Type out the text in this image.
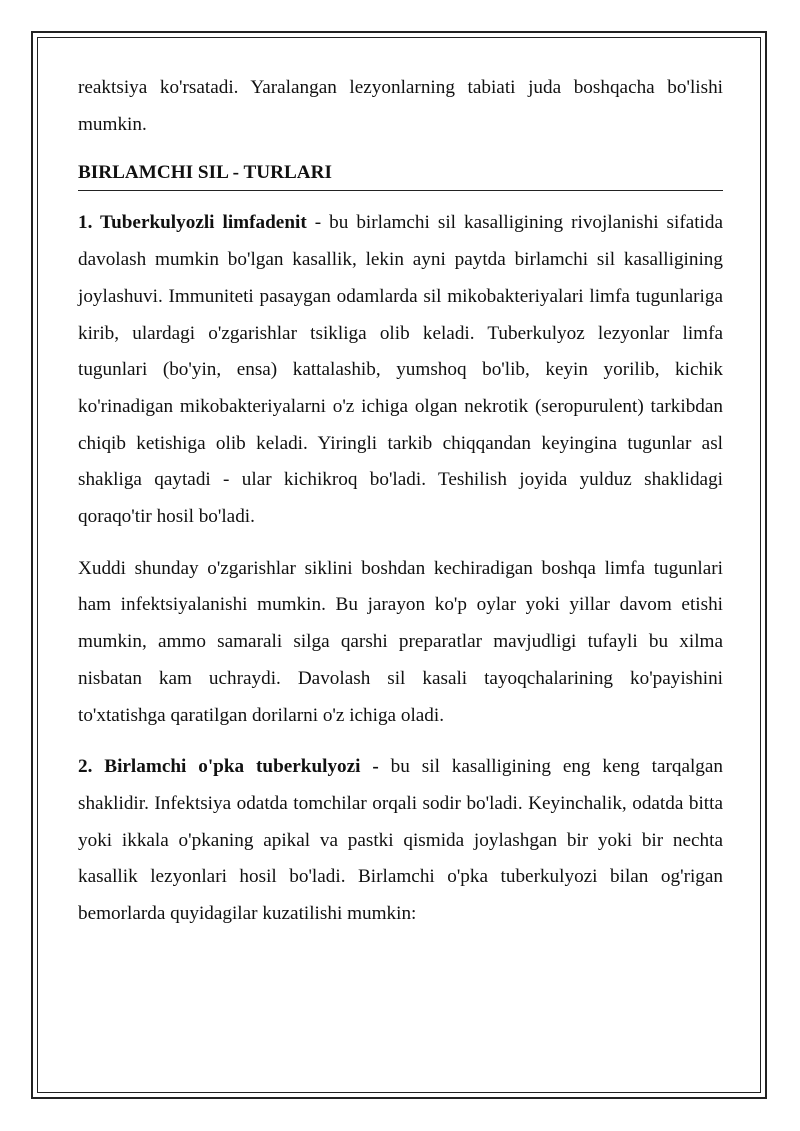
reaktsiya ko'rsatadi. Yaralangan lezyonlarning tabiati juda boshqacha bo'lishi mumkin.

BIRLAMCHI SIL - TURLARI

1. Tuberkulyozli limfadenit - bu birlamchi sil kasalligining rivojlanishi sifatida davolash mumkin bo'lgan kasallik, lekin ayni paytda birlamchi sil kasalligining joylashuvi. Immuniteti pasaygan odamlarda sil mikobakteriyalari limfa tugunlariga kirib, ulardagi o'zgarishlar tsikliga olib keladi. Tuberkulyoz lezyonlar limfa tugunlari (bo'yin, ensa) kattalashib, yumshoq bo'lib, keyin yorilib, kichik ko'rinadigan mikobakteriyalarni o'z ichiga olgan nekrotik (seropurulent) tarkibdan chiqib ketishiga olib keladi. Yiringli tarkib chiqqandan keyingina tugunlar asl shakliga qaytadi - ular kichikroq bo'ladi. Teshilish joyida yulduz shaklidagi qoraqo'tir hosil bo'ladi.

Xuddi shunday o'zgarishlar siklini boshdan kechiradigan boshqa limfa tugunlari ham infektsiyalanishi mumkin. Bu jarayon ko'p oylar yoki yillar davom etishi mumkin, ammo samarali silga qarshi preparatlar mavjudligi tufayli bu xilma nisbatan kam uchraydi. Davolash sil kasali tayoqchalarining ko'payishini to'xtatishga qaratilgan dorilarni o'z ichiga oladi.

2. Birlamchi o'pka tuberkulyozi - bu sil kasalligining eng keng tarqalgan shaklidir. Infektsiya odatda tomchilar orqali sodir bo'ladi. Keyinchalik, odatda bitta yoki ikkala o'pkaning apikal va pastki qismida joylashgan bir yoki bir nechta kasallik lezyonlari hosil bo'ladi. Birlamchi o'pka tuberkulyozi bilan og'rigan bemorlarda quyidagilar kuzatilishi mumkin:
